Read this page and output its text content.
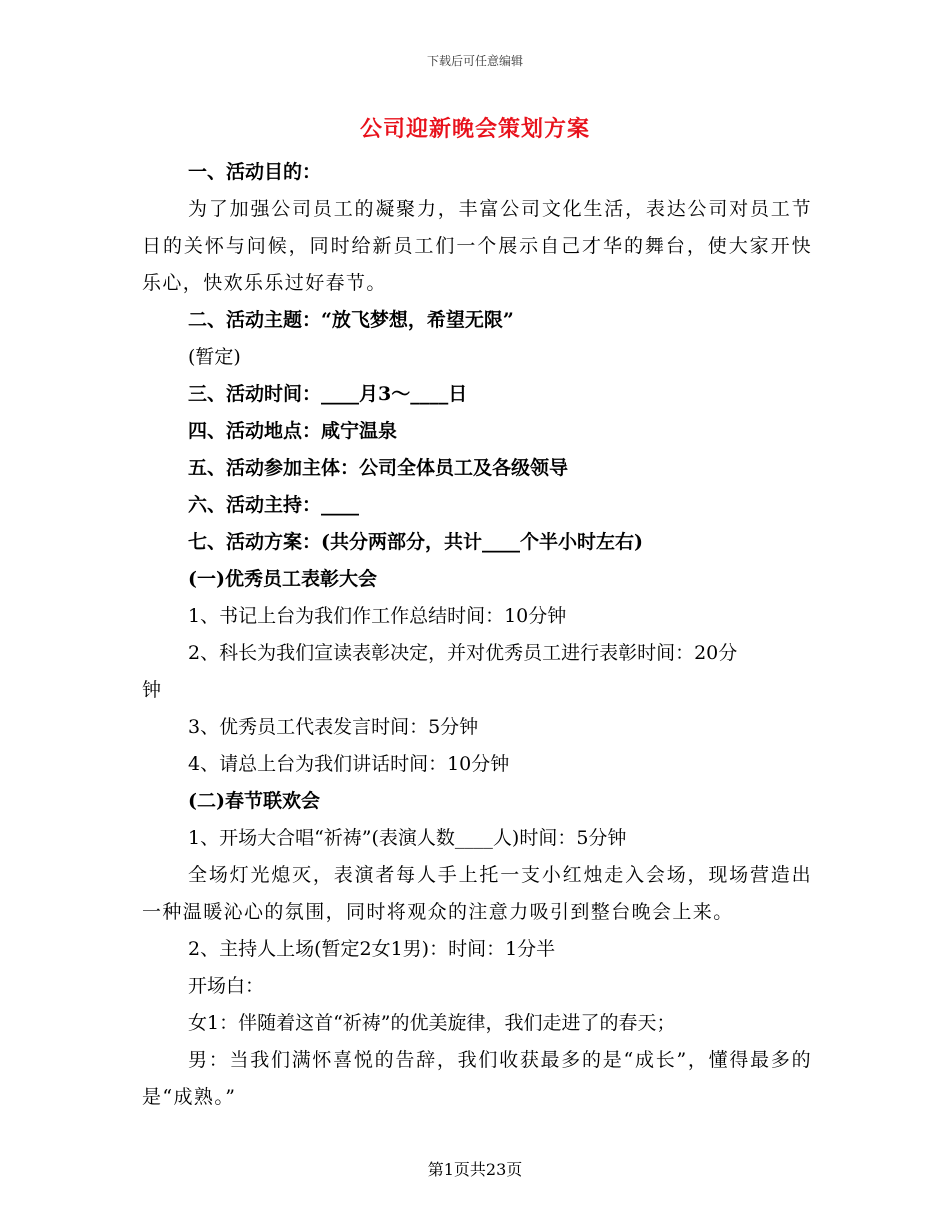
下载后可任意编辑
公司迎新晚会策划方案
一、活动目的：
为了加强公司员工的凝聚力，丰富公司文化生活，表达公司对员工节日的关怀与问候，同时给新员工们一个展示自己才华的舞台，使大家开快乐心，快欢乐乐过好春节。
二、活动主题：“放飞梦想，希望无限”
(暂定)
三、活动时间：____月3～____日
四、活动地点：咸宁温泉
五、活动参加主体：公司全体员工及各级领导
六、活动主持：____
七、活动方案：(共分两部分，共计____个半小时左右)
(一)优秀员工表彰大会
1、书记上台为我们作工作总结时间：10分钟
2、科长为我们宣读表彰决定，并对优秀员工进行表彰时间：20分
钟
3、优秀员工代表发言时间：5分钟
4、请总上台为我们讲话时间：10分钟
(二)春节联欢会
1、开场大合唱“祈祷”(表演人数____人)时间：5分钟
全场灯光熄灭，表演者每人手上托一支小红烛走入会场，现场营造出一种温暖沁心的氛围，同时将观众的注意力吸引到整台晚会上来。
2、主持人上场(暂定2女1男)：时间：1分半
开场白：
女1：伴随着这首“祈祷”的优美旋律，我们走进了的春天；
男：当我们满怀喜悦的告辞，我们收获最多的是“成长”，懂得最多的是“成熟。”
第1页共23页
